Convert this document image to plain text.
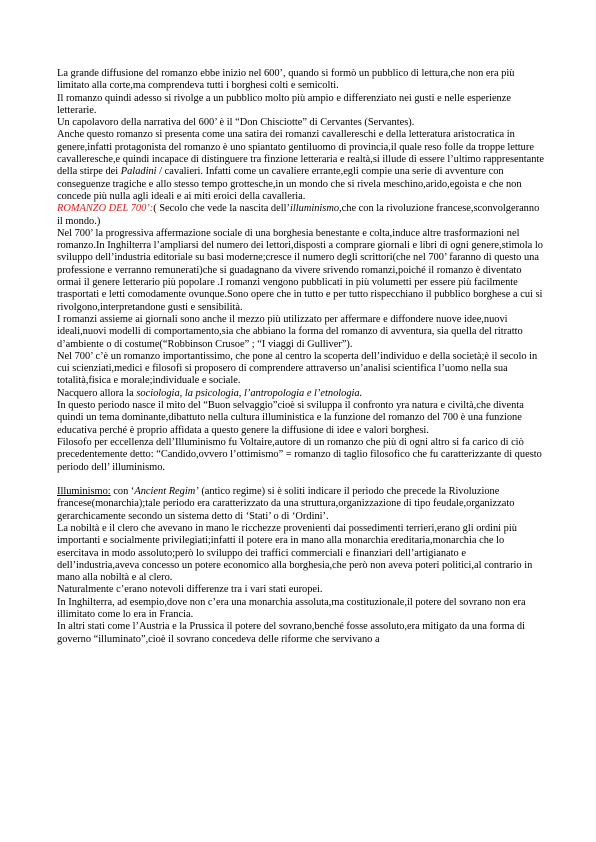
La grande diffusione del romanzo ebbe inizio nel 600’, quando si formò un pubblico di lettura,che non era più limitato alla corte,ma comprendeva tutti i borghesi colti e semicolti.

Il romanzo quindi adesso si rivolge a un pubblico molto più ampio e differenziato nei gusti e nelle esperienze letterarie.

Un capolavoro della narrativa del 600’ è il “Don Chisciotte” di Cervantes (Servantes).

Anche questo romanzo si presenta come una satira dei romanzi cavallereschi e della letteratura aristocratica in genere,infatti protagonista del romanzo è uno spiantato gentiluomo di provincia,il quale reso folle da troppe letture cavalleresche,e quindi incapace di distinguere tra finzione letteraria e realtà,si illude di essere l’ultimo rappresentante della stirpe dei Paladini / cavalieri. Infatti come un cavaliere errante,egli compie una serie di avventure con conseguenze tragiche e allo stesso tempo grottesche,in un mondo che si rivela meschino,arido,egoista e che non concede più nulla agli ideali e ai miti eroici della cavalleria.

ROMANZO DEL 700’:( Secolo che vede la nascita dell’illuminismo,che con la rivoluzione francese,sconvolgeranno il mondo.)

Nel 700’ la progressiva affermazione sociale di una borghesia benestante e colta,induce altre trasformazioni nel romanzo.In Inghilterra l’ampliarsi del numero dei lettori,disposti a comprare giornali e libri di ogni genere,stimola lo sviluppo dell’industria editoriale su basi moderne;cresce il numero degli scrittori(che nel 700’ faranno di questo una professione e verranno remunerati)che si guadagnano da vivere srivendo romanzi,poiché il romanzo è diventato ormai il genere letterario più popolare .I romanzi vengono pubblicati in più volumetti per essere più facilmente trasportati e letti comodamente ovunque.Sono opere che in tutto e per tutto rispecchiano il pubblico borghese a cui si rivolgono,interpretandone gusti e sensibilità.

I romanzi assieme ai giornali sono anche il mezzo più utilizzato per affermare e diffondere nuove idee,nuovi ideali,nuovi modelli di comportamento,sia che abbiano la forma del romanzo di avventura, sia quella del ritratto d’ambiente o di costume(“Robbinson Crusoe” ; “I viaggi di Gulliver”).

Nel 700’ c’è un romanzo importantissimo, che pone al centro la scoperta dell’individuo e della società;è il secolo in cui scienziati,medici e filosofi si proposero di comprendere attraverso un’analisi scientifica l’uomo nella sua totalità,fisica e morale;individuale e sociale.

Nacquero allora la sociologia, la psicologia, l’antropologia e l’etnologia.

In questo periodo nasce il mito del “Buon selvaggio”cioè si sviluppa il confronto yra natura e civiltà,che diventa quindi un tema dominante,dibattuto nella cultura illuministica e la funzione del romanzo del 700 è una funzione educativa perché è proprio affidata a questo genere la diffusione di idee e valori borghesi.

Filosofo per eccellenza dell’Illuminismo fu Voltaire,autore di un romanzo che più di ogni altro si fa carico di ciò precedentemente detto: “Candido,ovvero l’ottimismo” = romanzo di taglio filosofico che fu caratterizzante di questo periodo dell’ illuminismo.

Illuminismo: con ‘Ancient Regim’ (antico regime) si è soliti indicare il periodo che precede la Rivoluzione francese(monarchia);tale periodo era caratterizzato da una struttura,organizzazione di tipo feudale,organizzato gerarchicamente secondo un sistema detto di ‘Stati’ o di ‘Ordini’.

La nobiltà e il clero che avevano in mano le ricchezze provenienti dai possedimenti terrieri,erano gli ordini più importanti e socialmente privilegiati;infatti il potere era in mano alla monarchia ereditaria,monarchia che lo esercitava in modo assoluto;però lo sviluppo dei traffici commerciali e finanziari dell’artigianato e dell’industria,aveva concesso un potere economico alla borghesia,che però non aveva poteri politici,al contrario in mano alla nobiltà e al clero.

Naturalmente c’erano notevoli differenze tra i vari stati europei.

In Inghilterra, ad esempio,dove non c’era una monarchia assoluta,ma costituzionale,il potere del sovrano non era illimitato come lo era in Francia.

In altri stati come l’Austria e la Prussica il potere del sovrano,benché fosse assoluto,era mitigato da una forma di governo “illuminato”,cioè il sovrano concedeva delle riforme che servivano a
